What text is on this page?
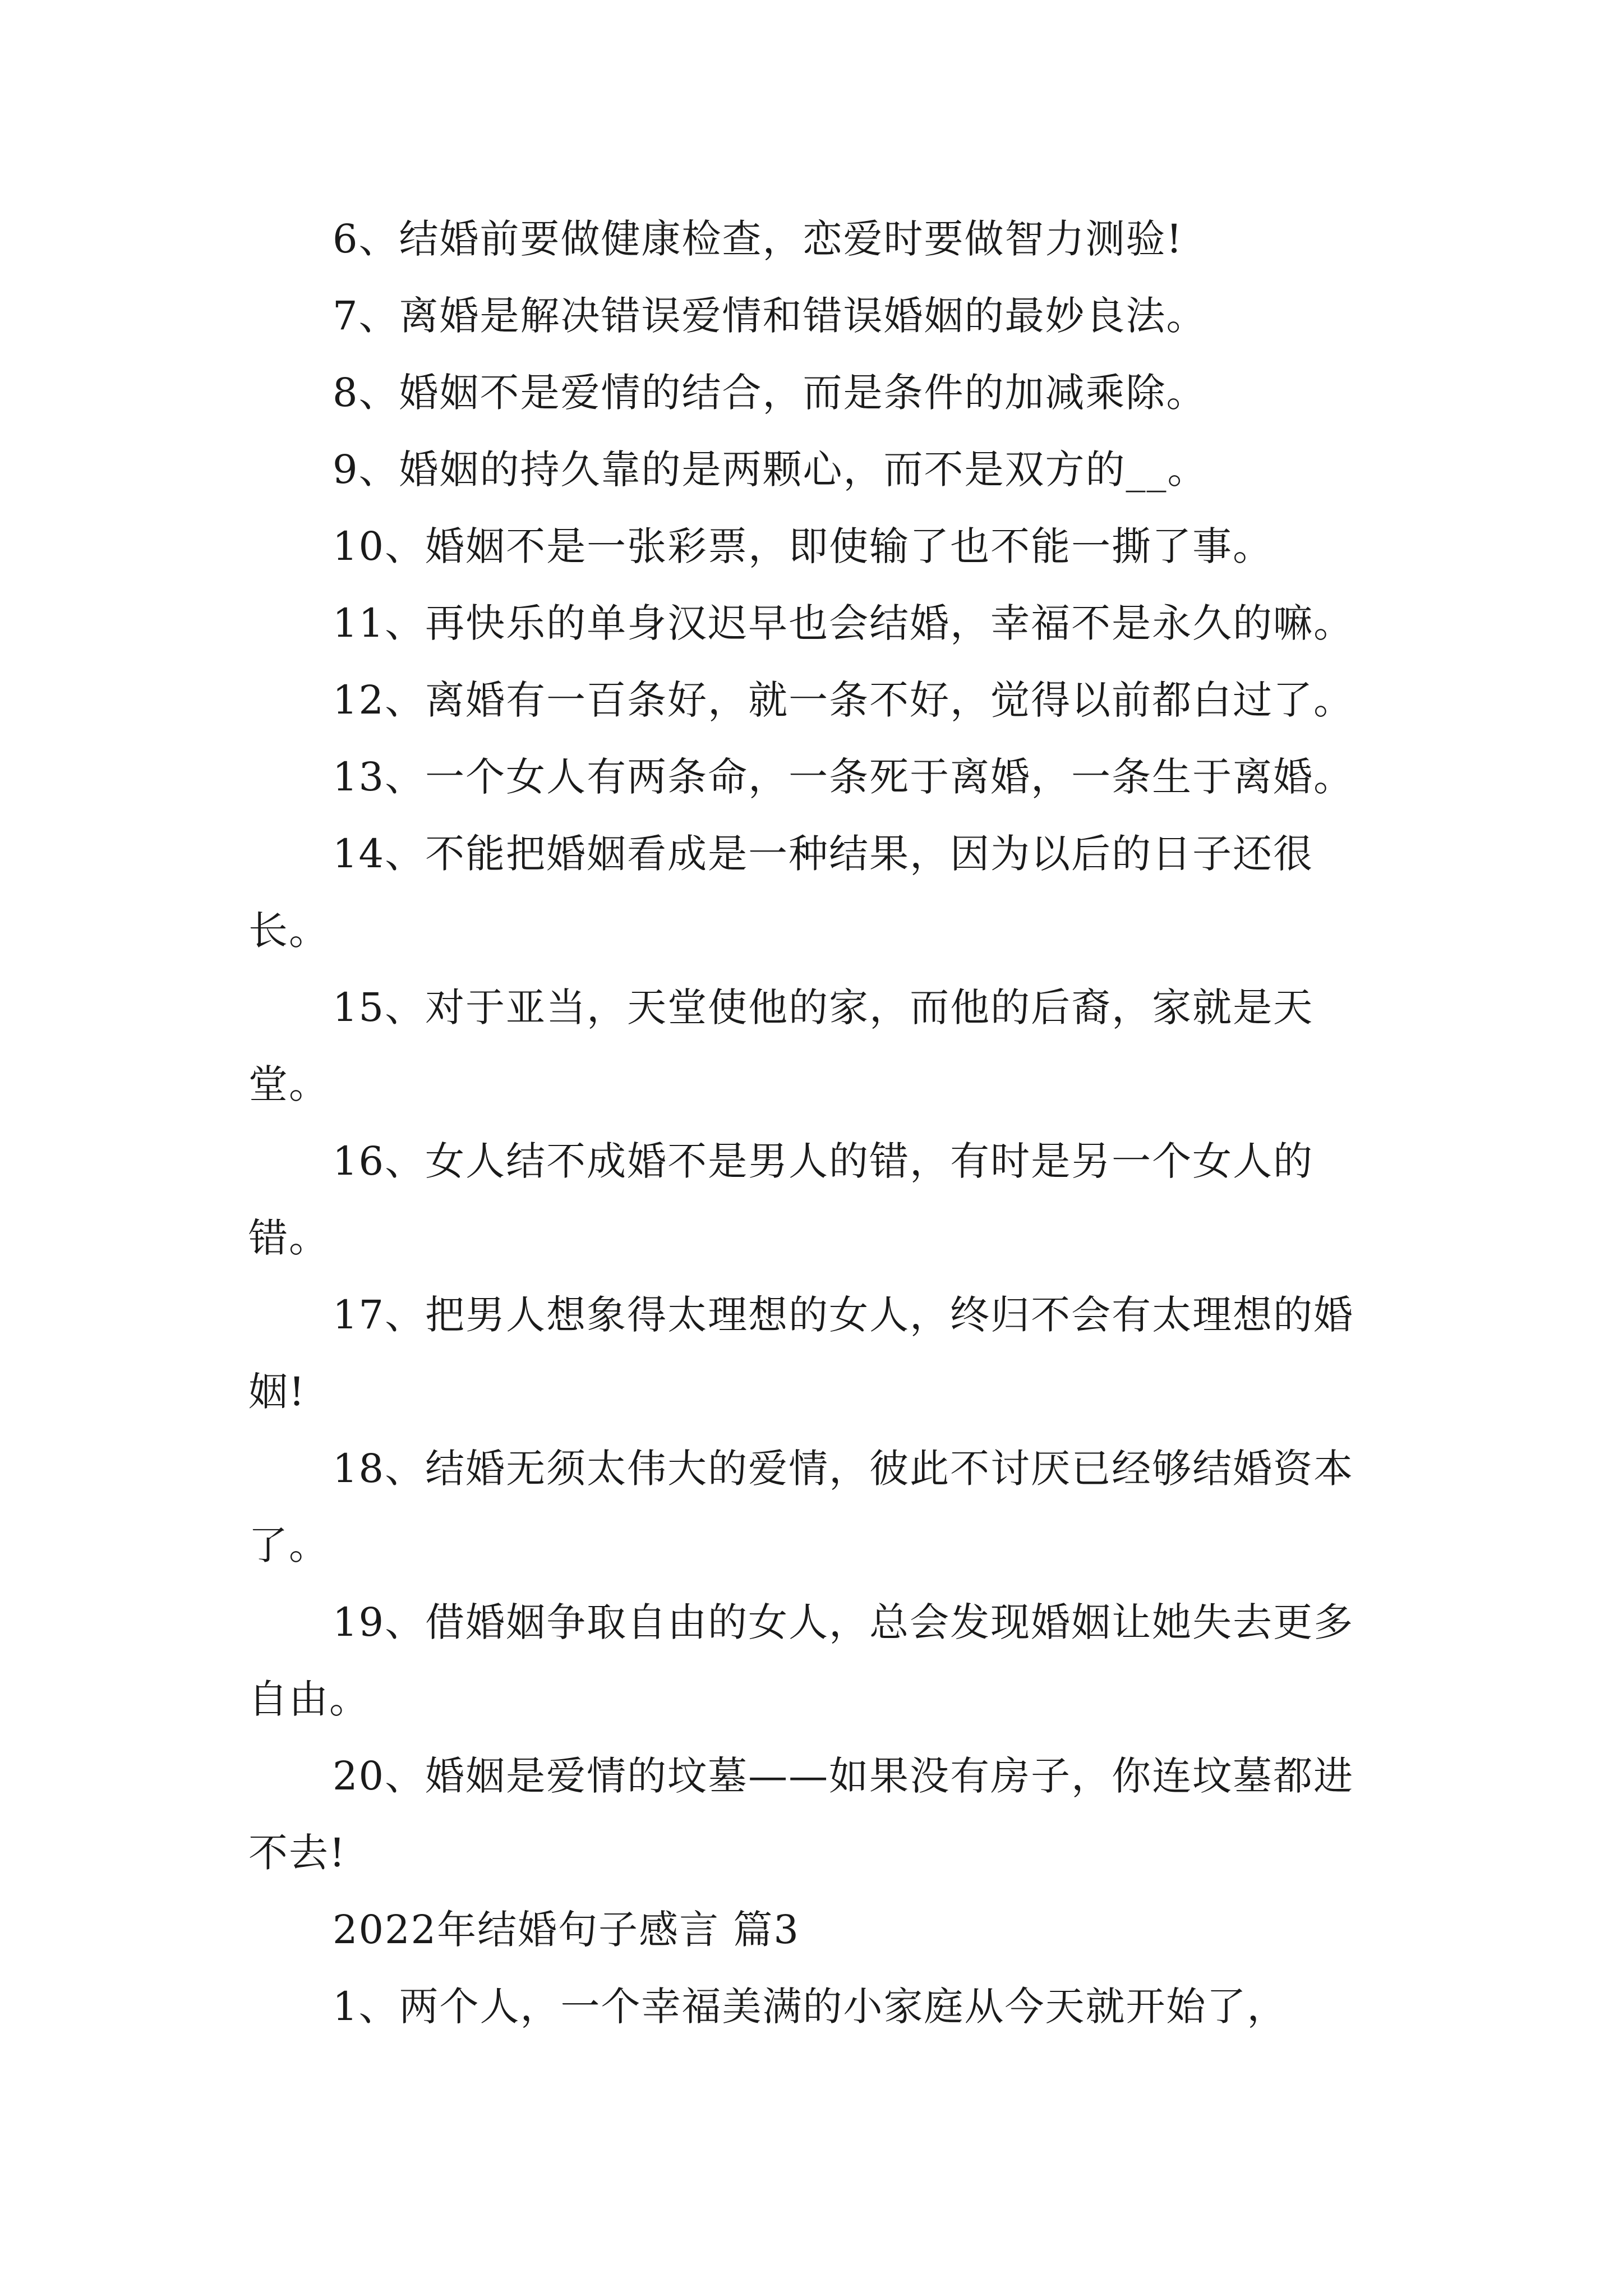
6、结婚前要做健康检查，恋爱时要做智力测验!

7、离婚是解决错误爱情和错误婚姻的最妙良法。

8、婚姻不是爱情的结合，而是条件的加减乘除。

9、婚姻的持久靠的是两颗心，而不是双方的__。

10、婚姻不是一张彩票，即使输了也不能一撕了事。

11、再快乐的单身汉迟早也会结婚，幸福不是永久的嘛。

12、离婚有一百条好，就一条不好，觉得以前都白过了。

13、一个女人有两条命，一条死于离婚，一条生于离婚。

14、不能把婚姻看成是一种结果，因为以后的日子还很长。

15、对于亚当，天堂使他的家，而他的后裔，家就是天堂。

16、女人结不成婚不是男人的错，有时是另一个女人的错。

17、把男人想象得太理想的女人，终归不会有太理想的婚姻!

18、结婚无须太伟大的爱情，彼此不讨厌已经够结婚资本了。

19、借婚姻争取自由的女人，总会发现婚姻让她失去更多自由。

20、婚姻是爱情的坟墓——如果没有房子，你连坟墓都进不去!

2022年结婚句子感言 篇3

1、两个人，一个幸福美满的小家庭从今天就开始了，
